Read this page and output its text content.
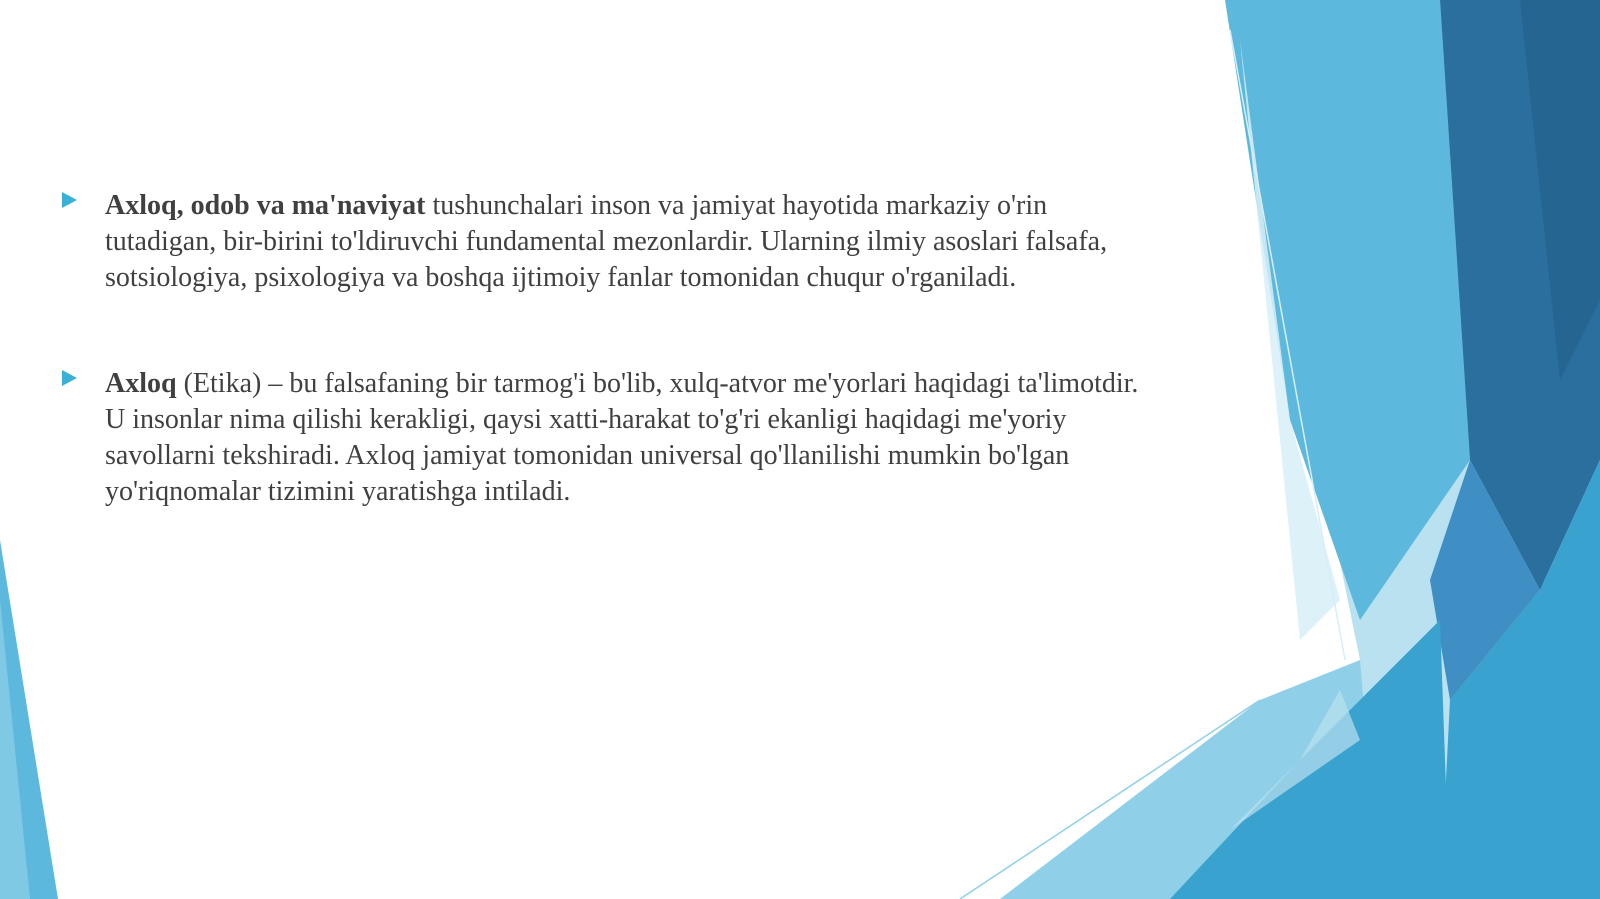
Axloq, odob va ma'naviyat tushunchalari inson va jamiyat hayotida markaziy o'rin tutadigan, bir-birini to'ldiruvchi fundamental mezonlardir. Ularning ilmiy asoslari falsafa, sotsiologiya, psixologiya va boshqa ijtimoiy fanlar tomonidan chuqur o'rganiladi.
Axloq (Etika) – bu falsafaning bir tarmog'i bo'lib, xulq-atvor me'yorlari haqidagi ta'limotdir. U insonlar nima qilishi kerakligi, qaysi xatti-harakat to'g'ri ekanligi haqidagi me'yoriy savollarni tekshiradi. Axloq jamiyat tomonidan universal qo'llanilishi mumkin bo'lgan yo'riqnomalar tizimini yaratishga intiladi.
